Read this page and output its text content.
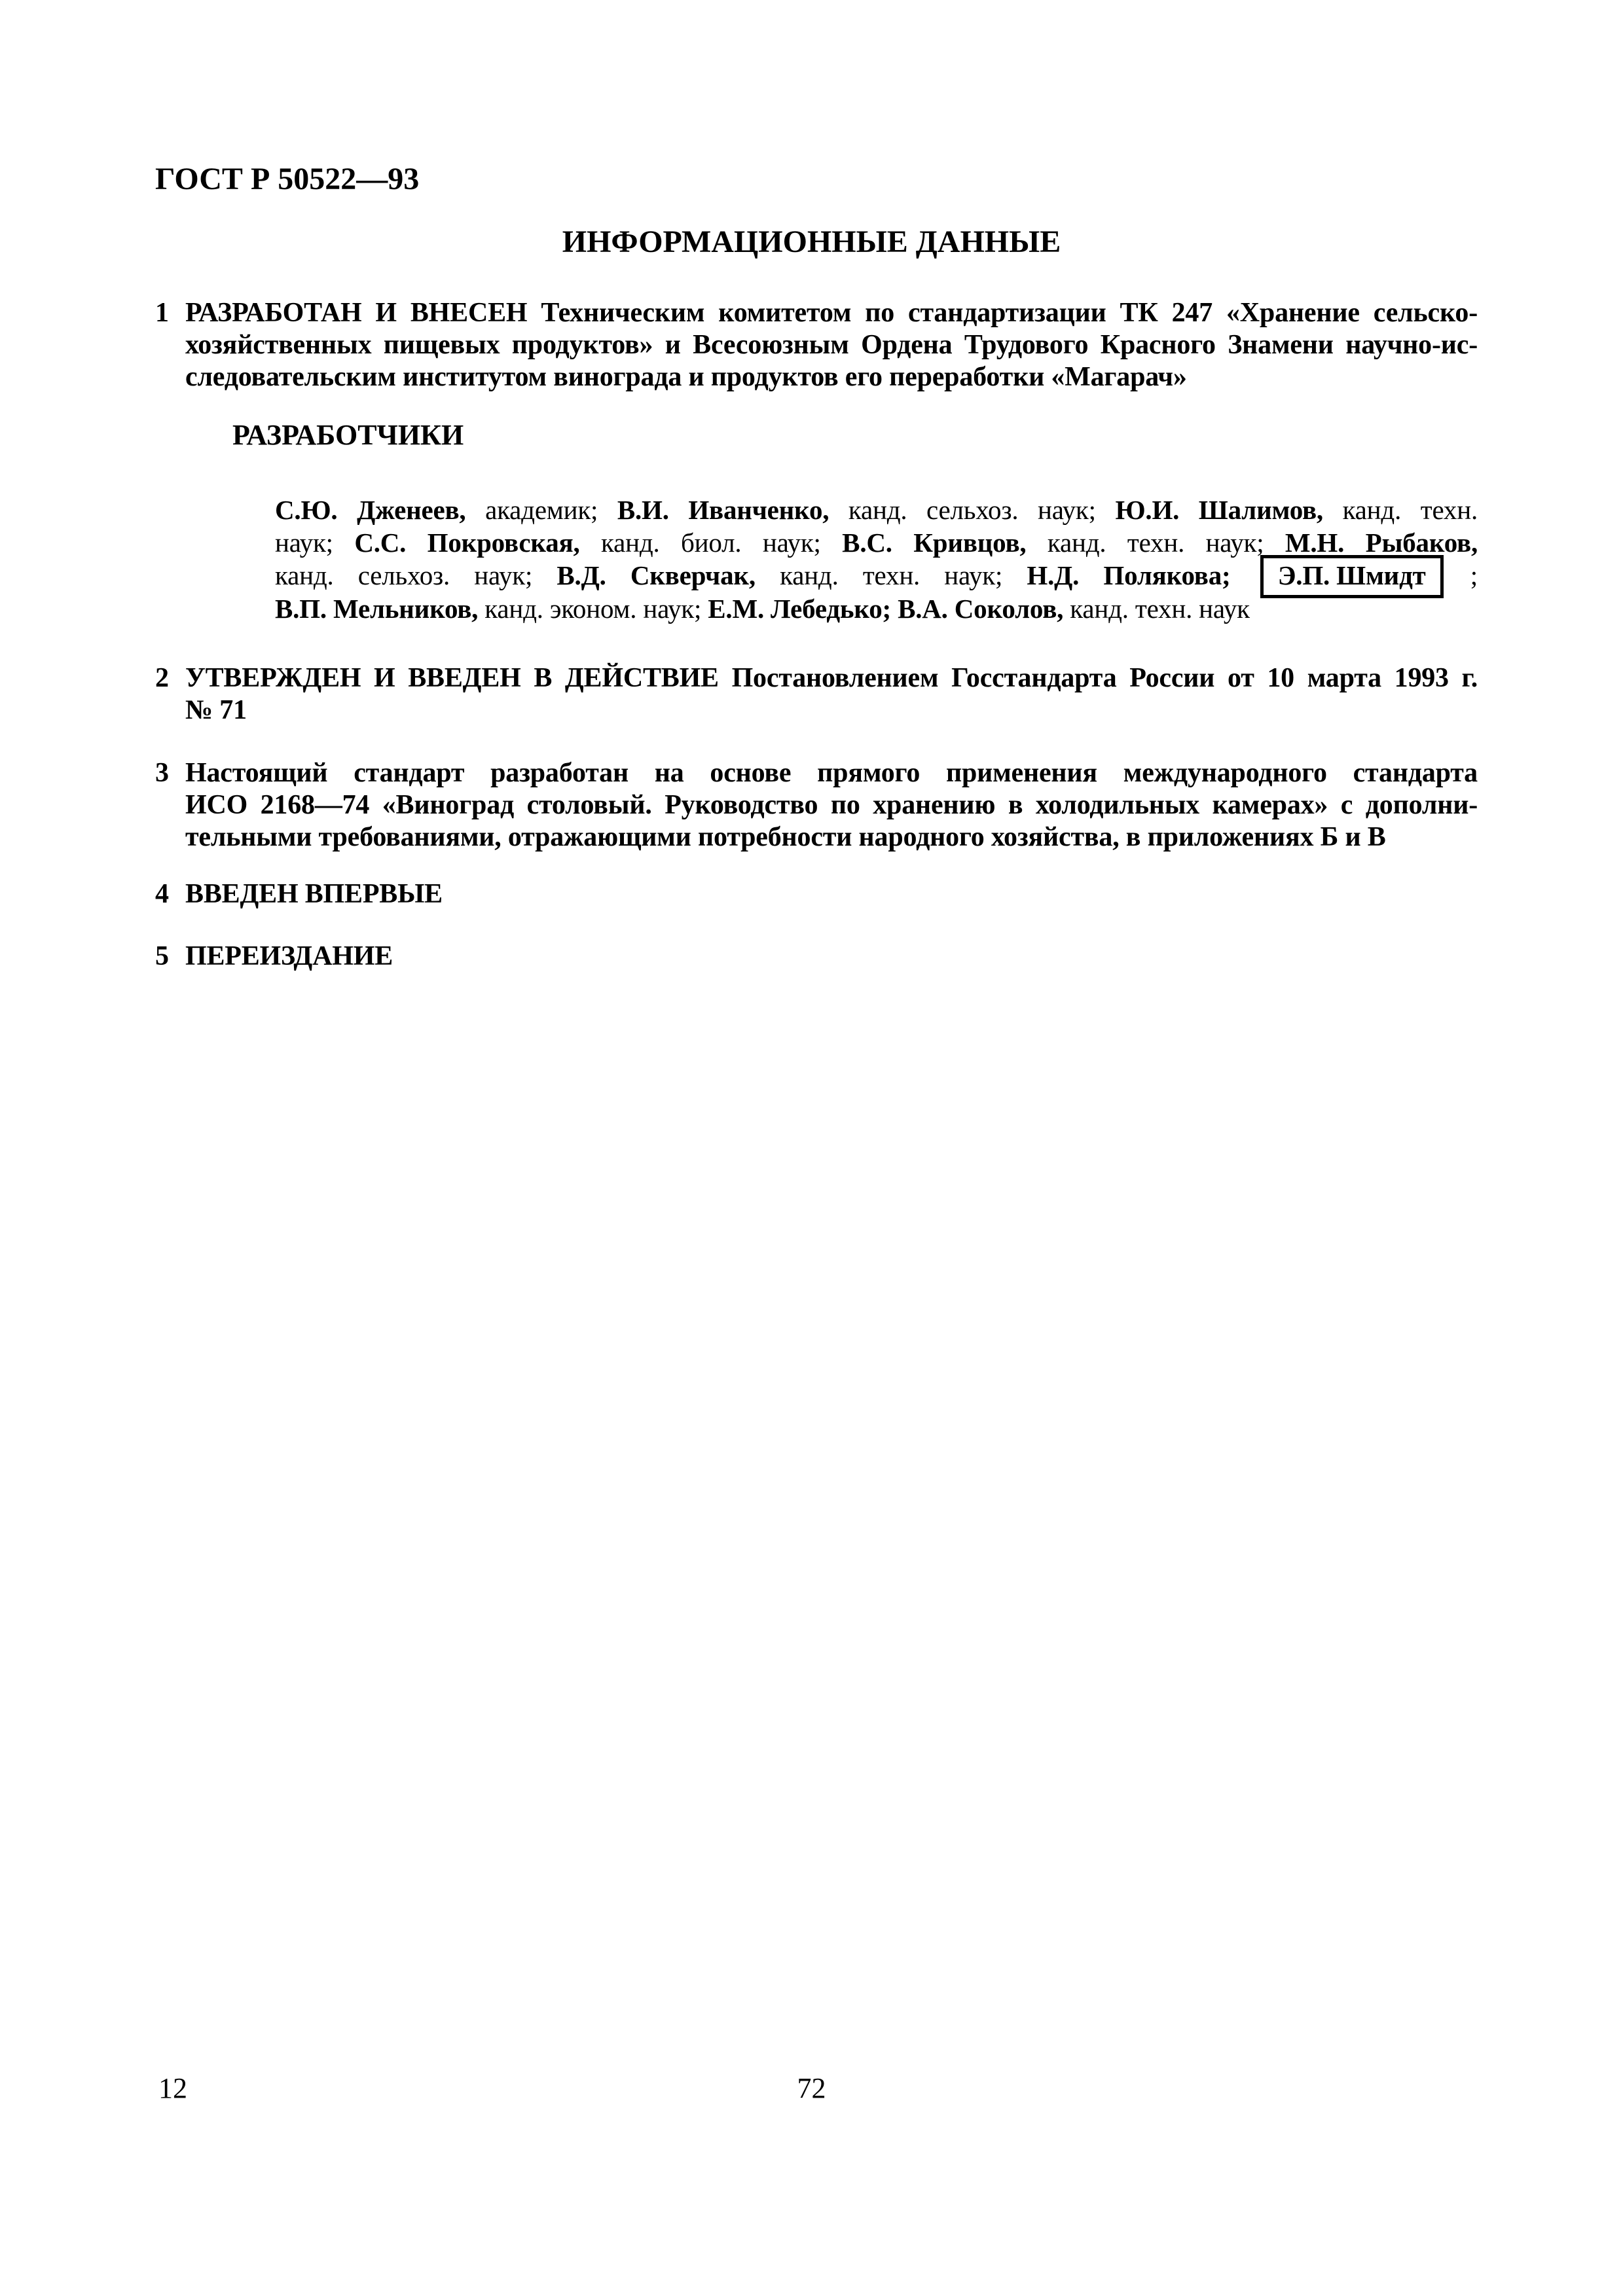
ГОСТ Р 50522—93
ИНФОРМАЦИОННЫЕ ДАННЫЕ
1 РАЗРАБОТАН И ВНЕСЕН Техническим комитетом по стандартизации ТК 247 «Хранение сельско-
хозяйственных пищевых продуктов» и Всесоюзным Ордена Трудового Красного Знамени научно-ис-
следовательским институтом винограда и продуктов его переработки «Магарач»
РАЗРАБОТЧИКИ
С.Ю. Дженеев, академик; В.И. Иванченко, канд. сельхоз. наук; Ю.И. Шалимов, канд. техн.
наук; С.С. Покровская, канд. биол. наук; В.С. Кривцов, канд. техн. наук; М.Н. Рыбаков,
канд. сельхоз. наук; В.Д. Скверчак, канд. техн. наук; Н.Д. Полякова; Э.П. Шмидт ;
В.П. Мельников, канд. эконом. наук; Е.М. Лебедько; В.А. Соколов, канд. техн. наук
2 УТВЕРЖДЕН И ВВЕДЕН В ДЕЙСТВИЕ Постановлением Госстандарта России от 10 марта 1993 г.
№ 71
3 Настоящий стандарт разработан на основе прямого применения международного стандарта
ИСО 2168—74 «Виноград столовый. Руководство по хранению в холодильных камерах» с дополни-
тельными требованиями, отражающими потребности народного хозяйства, в приложениях Б и В
4 ВВЕДЕН ВПЕРВЫЕ
5 ПЕРЕИЗДАНИЕ
12	72
